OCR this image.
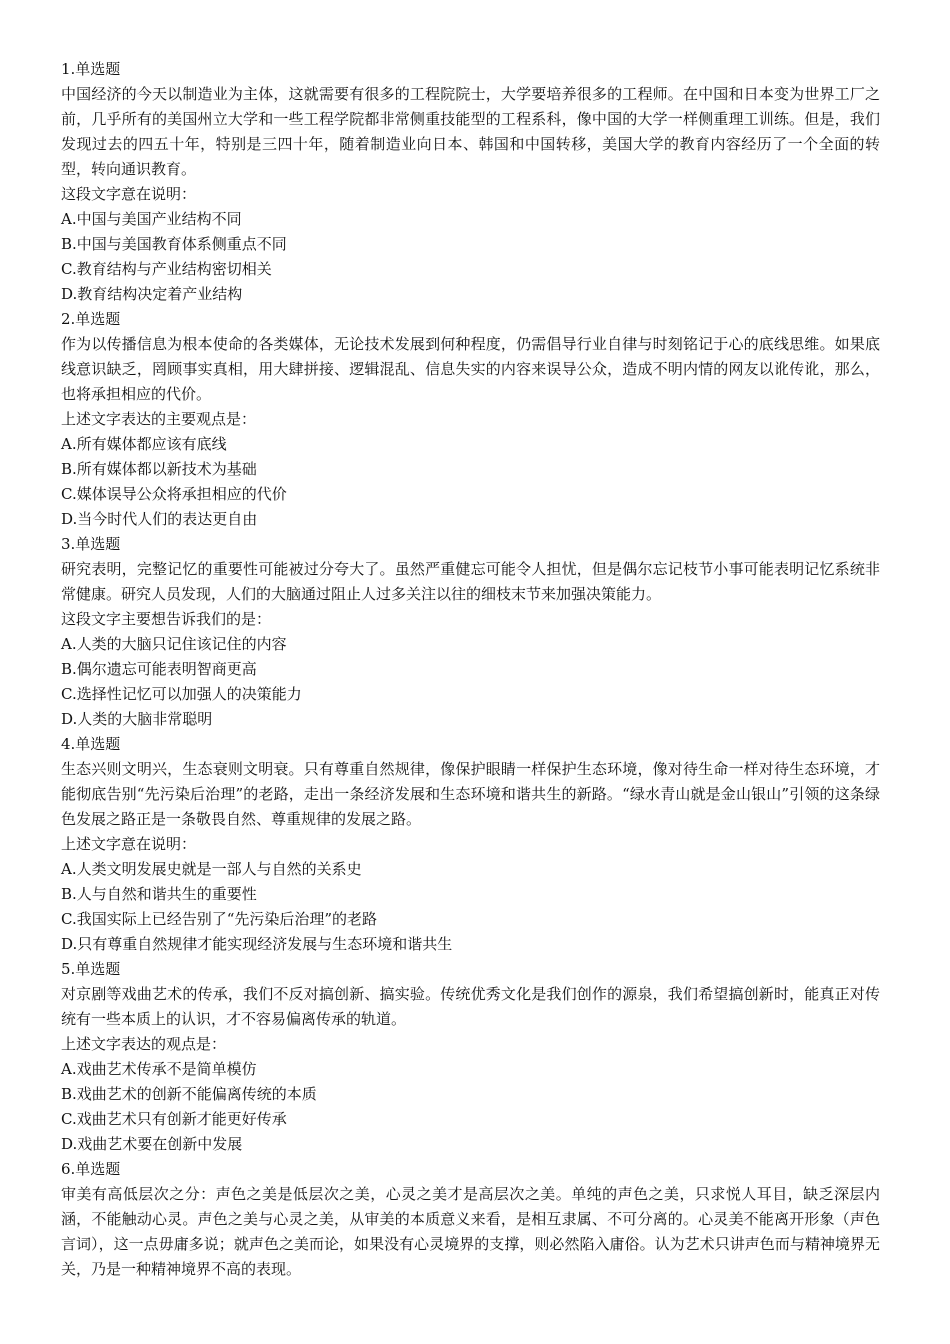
1.单选题
中国经济的今天以制造业为主体，这就需要有很多的工程院院士，大学要培养很多的工程师。在中国和日本变为世界工厂之前，几乎所有的美国州立大学和一些工程学院都非常侧重技能型的工程系科，像中国的大学一样侧重理工训练。但是，我们发现过去的四五十年，特别是三四十年，随着制造业向日本、韩国和中国转移，美国大学的教育内容经历了一个全面的转型，转向通识教育。
这段文字意在说明：
A.中国与美国产业结构不同
B.中国与美国教育体系侧重点不同
C.教育结构与产业结构密切相关
D.教育结构决定着产业结构
2.单选题
作为以传播信息为根本使命的各类媒体，无论技术发展到何种程度，仍需倡导行业自律与时刻铭记于心的底线思维。如果底线意识缺乏，罔顾事实真相，用大肆拼接、逻辑混乱、信息失实的内容来误导公众，造成不明内情的网友以讹传讹，那么，也将承担相应的代价。
上述文字表达的主要观点是：
A.所有媒体都应该有底线
B.所有媒体都以新技术为基础
C.媒体误导公众将承担相应的代价
D.当今时代人们的表达更自由
3.单选题
研究表明，完整记忆的重要性可能被过分夸大了。虽然严重健忘可能令人担忧，但是偶尔忘记枝节小事可能表明记忆系统非常健康。研究人员发现，人们的大脑通过阻止人过多关注以往的细枝末节来加强决策能力。
这段文字主要想告诉我们的是：
A.人类的大脑只记住该记住的内容
B.偶尔遗忘可能表明智商更高
C.选择性记忆可以加强人的决策能力
D.人类的大脑非常聪明
4.单选题
生态兴则文明兴，生态衰则文明衰。只有尊重自然规律，像保护眼睛一样保护生态环境，像对待生命一样对待生态环境，才能彻底告别“先污染后治理”的老路，走出一条经济发展和生态环境和谐共生的新路。“绿水青山就是金山银山”引领的这条绿色发展之路正是一条敬畏自然、尊重规律的发展之路。
上述文字意在说明：
A.人类文明发展史就是一部人与自然的关系史
B.人与自然和谐共生的重要性
C.我国实际上已经告别了“先污染后治理”的老路
D.只有尊重自然规律才能实现经济发展与生态环境和谐共生
5.单选题
对京剧等戏曲艺术的传承，我们不反对搞创新、搞实验。传统优秀文化是我们创作的源泉，我们希望搞创新时，能真正对传统有一些本质上的认识，才不容易偏离传承的轨道。
上述文字表达的观点是：
A.戏曲艺术传承不是简单模仿
B.戏曲艺术的创新不能偏离传统的本质
C.戏曲艺术只有创新才能更好传承
D.戏曲艺术要在创新中发展
6.单选题
审美有高低层次之分：声色之美是低层次之美，心灵之美才是高层次之美。单纯的声色之美，只求悦人耳目，缺乏深层内涵，不能触动心灵。声色之美与心灵之美，从审美的本质意义来看，是相互隶属、不可分离的。心灵美不能离开形象（声色言词），这一点毋庸多说；就声色之美而论，如果没有心灵境界的支撑，则必然陷入庸俗。认为艺术只讲声色而与精神境界无关，乃是一种精神境界不高的表现。
